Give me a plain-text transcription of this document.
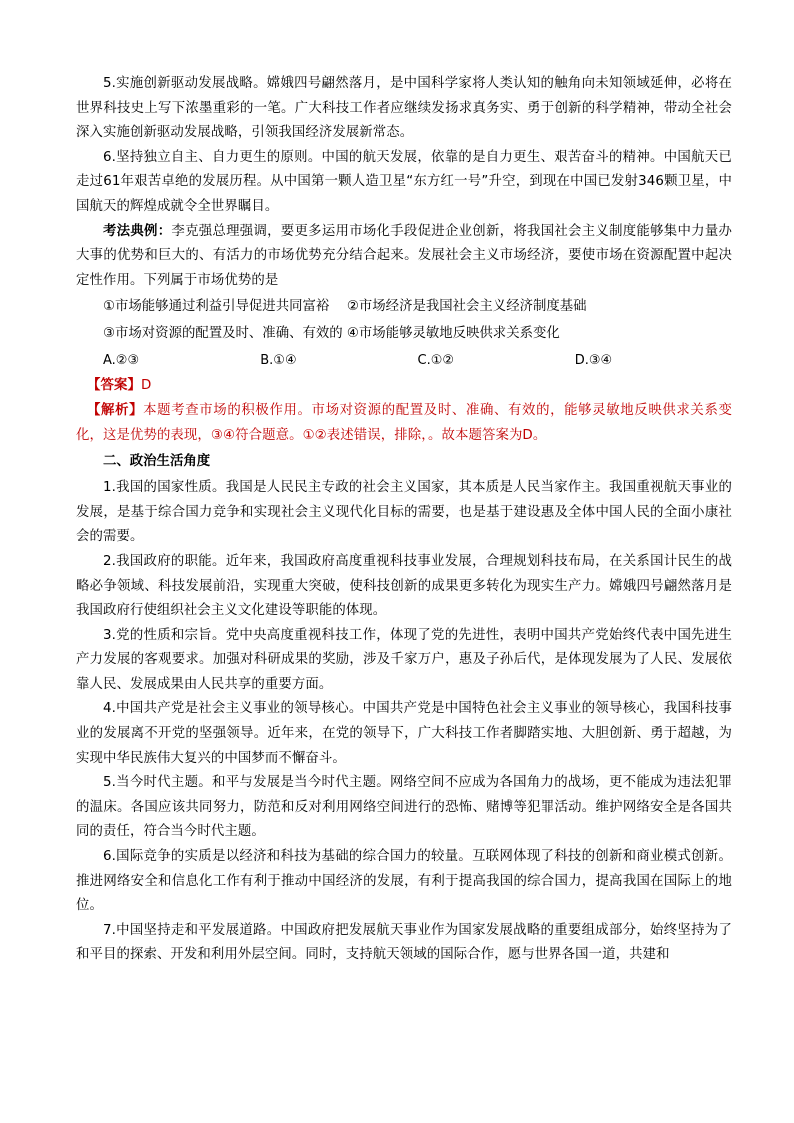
5.实施创新驱动发展战略。嫦娥四号翩然落月，是中国科学家将人类认知的触角向未知领域延伸，必将在世界科技史上写下浓墨重彩的一笔。广大科技工作者应继续发扬求真务实、勇于创新的科学精神，带动全社会深入实施创新驱动发展战略，引领我国经济发展新常态。

6.坚持独立自主、自力更生的原则。中国的航天发展，依靠的是自力更生、艰苦奋斗的精神。中国航天已走过61年艰苦卓绝的发展历程。从中国第一颗人造卫星“东方红一号”升空，到现在中国已发射346颗卫星，中国航天的辉煌成就令全世界瞩目。

考法典例：李克强总理强调，要更多运用市场化手段促进企业创新，将我国社会主义制度能够集中力量办大事的优势和巨大的、有活力的市场优势充分结合起来。发展社会主义市场经济，要使市场在资源配置中起决定性作用。下列属于市场优势的是

①市场能够通过利益引导促进共同富裕　 ②市场经济是我国社会主义经济制度基础

③市场对资源的配置及时、准确、有效的 ④市场能够灵敏地反映供求关系变化

A.②③	B.①④	C.①②	D.③④

【答案】D

【解析】本题考查市场的积极作用。市场对资源的配置及时、准确、有效的，能够灵敏地反映供求关系变化，这是优势的表现，③④符合题意。①②表述错误，排除，。故本题答案为D。

二、政治生活角度

1.我国的国家性质。我国是人民民主专政的社会主义国家，其本质是人民当家作主。我国重视航天事业的发展，是基于综合国力竞争和实现社会主义现代化目标的需要，也是基于建设惠及全体中国人民的全面小康社会的需要。

2.我国政府的职能。近年来，我国政府高度重视科技事业发展，合理规划科技布局，在关系国计民生的战略必争领域、科技发展前沿，实现重大突破，使科技创新的成果更多转化为现实生产力。嫦娥四号翩然落月是我国政府行使组织社会主义文化建设等职能的体现。

3.党的性质和宗旨。党中央高度重视科技工作，体现了党的先进性，表明中国共产党始终代表中国先进生产力发展的客观要求。加强对科研成果的奖励，涉及千家万户，惠及子孙后代，是体现发展为了人民、发展依靠人民、发展成果由人民共享的重要方面。

4.中国共产党是社会主义事业的领导核心。中国共产党是中国特色社会主义事业的领导核心，我国科技事业的发展离不开党的坚强领导。近年来，在党的领导下，广大科技工作者脚踏实地、大胆创新、勇于超越，为实现中华民族伟大复兴的中国梦而不懈奋斗。

5.当今时代主题。和平与发展是当今时代主题。网络空间不应成为各国角力的战场，更不能成为违法犯罪的温床。各国应该共同努力，防范和反对利用网络空间进行的恐怖、赌博等犯罪活动。维护网络安全是各国共同的责任，符合当今时代主题。

6.国际竞争的实质是以经济和科技为基础的综合国力的较量。互联网体现了科技的创新和商业模式创新。推进网络安全和信息化工作有利于推动中国经济的发展，有利于提高我国的综合国力，提高我国在国际上的地位。

7.中国坚持走和平发展道路。中国政府把发展航天事业作为国家发展战略的重要组成部分，始终坚持为了和平目的探索、开发和利用外层空间。同时，支持航天领域的国际合作，愿与世界各国一道，共建和
